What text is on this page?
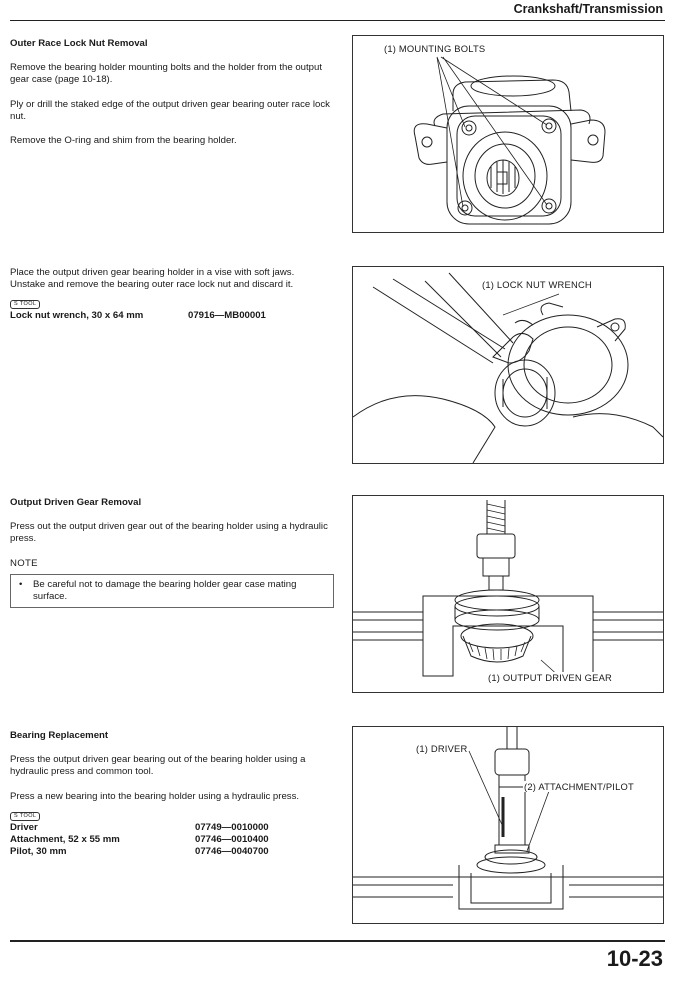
Crankshaft/Transmission

Outer Race Lock Nut Removal

Remove the bearing holder mounting bolts and the holder from the output gear case (page 10-18).

Ply or drill the staked edge of the output driven gear bearing outer race lock nut.

Remove the O-ring and shim from the bearing holder.

Place the output driven gear bearing holder in a vise with soft jaws.

Unstake and remove the bearing outer race lock nut and discard it.

S TOOL
Lock nut wrench, 30 x 64 mm	07916—MB00001

Output Driven Gear Removal

Press out the output driven gear out of the bearing holder using a hydraulic press.

NOTE
• Be careful not to damage the bearing holder gear case mating surface.

Bearing Replacement

Press the output driven gear bearing out of the bearing holder using a hydraulic press and common tool.

Press a new bearing into the bearing holder using a hydraulic press.

S TOOL
Driver	07749—0010000
Attachment, 52 x 55 mm	07746—0010400
Pilot, 30 mm	07746—0040700
(1) MOUNTING BOLTS
(1) LOCK NUT WRENCH
(1) OUTPUT DRIVEN GEAR
(1) DRIVER
(2) ATTACHMENT/PILOT
10-23
